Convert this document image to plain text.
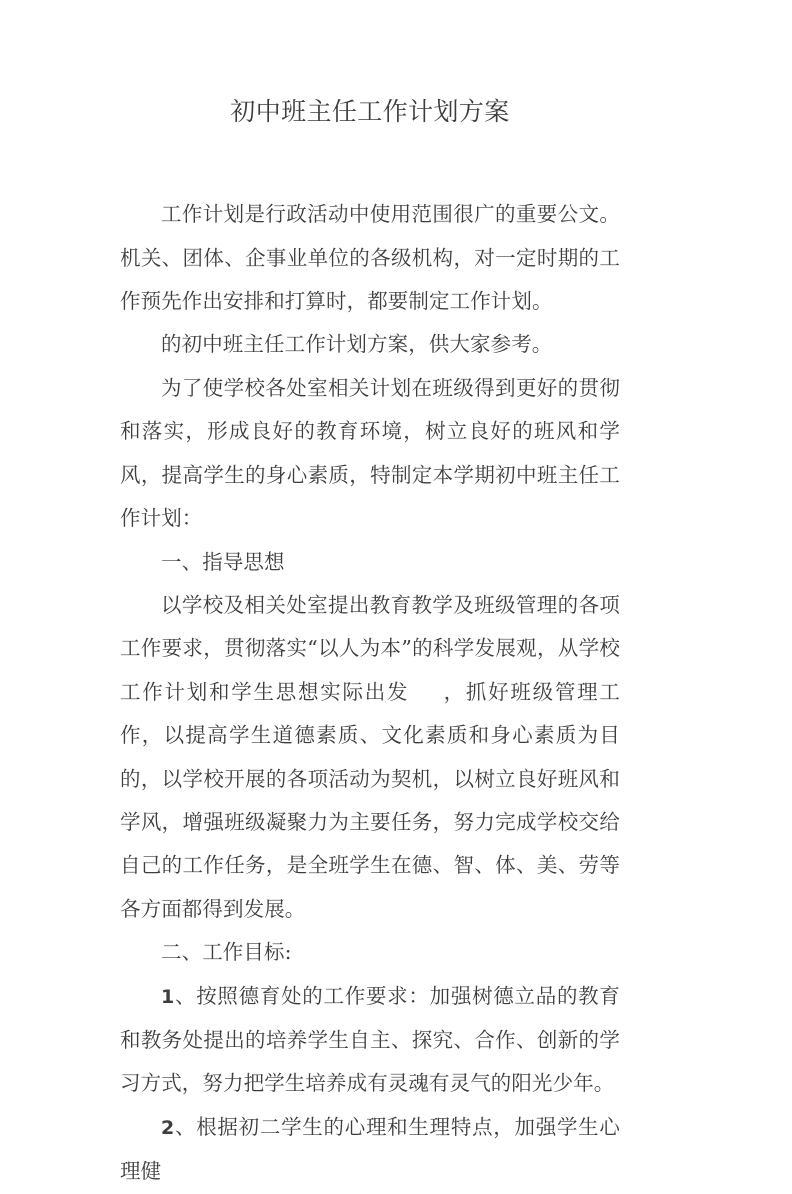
初中班主任工作计划方案

工作计划是行政活动中使用范围很广的重要公文。机关、团体、企事业单位的各级机构，对一定时期的工作预先作出安排和打算时，都要制定工作计划。

的初中班主任工作计划方案，供大家参考。

为了使学校各处室相关计划在班级得到更好的贯彻和落实，形成良好的教育环境，树立良好的班风和学风，提高学生的身心素质，特制定本学期初中班主任工作计划：

一、指导思想

以学校及相关处室提出教育教学及班级管理的各项工作要求，贯彻落实“以人为本”的科学发展观，从学校工作计划和学生思想实际出发 ，抓好班级管理工作，以提高学生道德素质、文化素质和身心素质为目的，以学校开展的各项活动为契机，以树立良好班风和学风，增强班级凝聚力为主要任务，努力完成学校交给自己的工作任务，是全班学生在德、智、体、美、劳等各方面都得到发展。

二、工作目标:

1、按照德育处的工作要求：加强树德立品的教育和教务处提出的培养学生自主、探究、合作、创新的学习方式，努力把学生培养成有灵魂有灵气的阳光少年。

2、根据初二学生的心理和生理特点，加强学生心理健
